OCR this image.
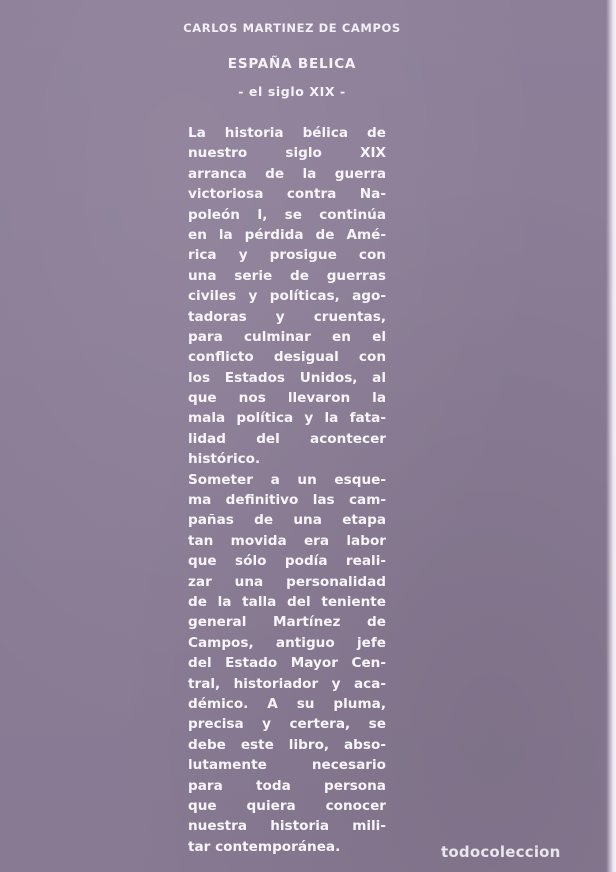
CARLOS MARTINEZ DE CAMPOS
ESPAÑA BELICA
- el siglo XIX -
La historia bélica de
nuestro siglo XIX
arranca de la guerra
victoriosa contra Na-
poleón I, se continúa
en la pérdida de Amé-
rica y prosigue con
una serie de guerras
civiles y políticas, ago-
tadoras y cruentas,
para culminar en el
conflicto desigual con
los Estados Unidos, al
que nos llevaron la
mala política y la fata-
lidad del acontecer
histórico.
Someter a un esque-
ma definitivo las cam-
pañas de una etapa
tan movida era labor
que sólo podía reali-
zar una personalidad
de la talla del teniente
general Martínez de
Campos, antiguo jefe
del Estado Mayor Cen-
tral, historiador y aca-
démico. A su pluma,
precisa y certera, se
debe este libro, abso-
lutamente necesario
para toda persona
que quiera conocer
nuestra historia mili-
tar contemporánea.	todocoleccion
